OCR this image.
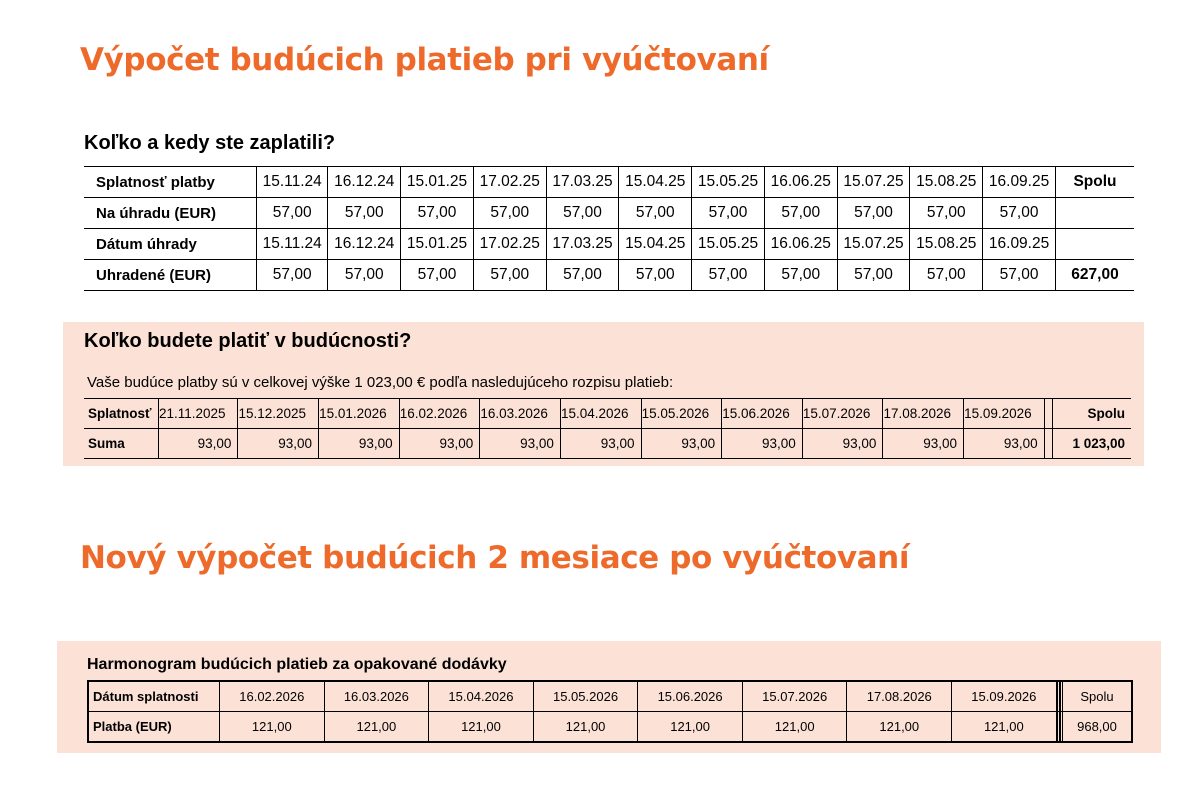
Výpočet budúcich platieb pri vyúčtovaní
Koľko a kedy ste zaplatili?
Splatnosť platby	15.11.24	16.12.24	15.01.25	17.02.25	17.03.25	15.04.25	15.05.25	16.06.25	15.07.25	15.08.25	16.09.25	Spolu
Na úhradu (EUR)	57,00	57,00	57,00	57,00	57,00	57,00	57,00	57,00	57,00	57,00	57,00	
Dátum úhrady	15.11.24	16.12.24	15.01.25	17.02.25	17.03.25	15.04.25	15.05.25	16.06.25	15.07.25	15.08.25	16.09.25	
Uhradené (EUR)	57,00	57,00	57,00	57,00	57,00	57,00	57,00	57,00	57,00	57,00	57,00	627,00
Koľko budete platiť v budúcnosti?
Vaše budúce platby sú v celkovej výške 1 023,00 € podľa nasledujúceho rozpisu platieb:
Splatnosť	21.11.2025	15.12.2025	15.01.2026	16.02.2026	16.03.2026	15.04.2026	15.05.2026	15.06.2026	15.07.2026	17.08.2026	15.09.2026		Spolu
Suma	93,00	93,00	93,00	93,00	93,00	93,00	93,00	93,00	93,00	93,00	93,00		1 023,00
Nový výpočet budúcich 2 mesiace po vyúčtovaní
Harmonogram budúcich platieb za opakované dodávky
Dátum splatnosti	16.02.2026	16.03.2026	15.04.2026	15.05.2026	15.06.2026	15.07.2026	17.08.2026	15.09.2026					Spolu
Platba (EUR)	121,00	121,00	121,00	121,00	121,00	121,00	121,00	121,00					968,00
